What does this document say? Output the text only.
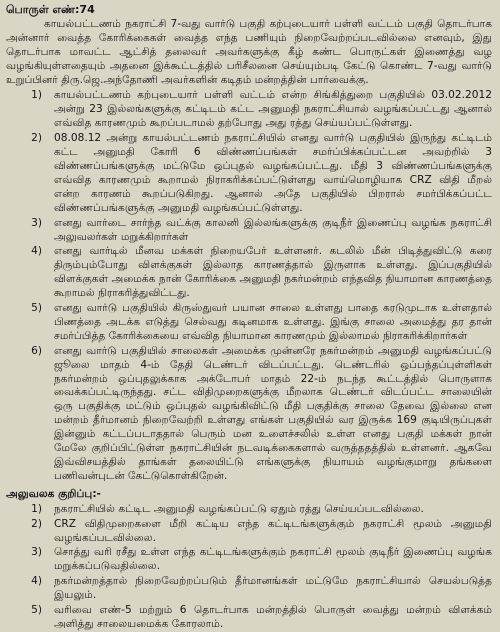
பொருள் எண்:74

காயல்பட்டணம் நகராட்சி 7-வது வார்டு பகுதி கற்புடையார் பள்ளி வட்டம் பகுதி தொடர்பாக அன்னார் வைத்த கோரிக்கைகள் வைத்த எந்த பணியும் நிறைவேற்றப்படவில்லை எனவும், இது தொடர்பாக மாவட்ட ஆட்சித் தலைவர் அவர்களுக்கு கீழ் கண்ட பொருட்கள் இணைத்து வழ வழங்கியுள்ளதையும் அதனை இக்கூட்டத்தில் பரிசீலனை செய்யும்படி கேட்டு கொண்ட 7-வது வார்டு உறுப்பினர் திரு.ஜெ.அந்தோணி அவர்களின் கடிதம் மன்றத்தின் பார்வைக்கு.

1)	காயல்பட்டணம் கற்புடையார் பள்ளி வட்டம் என்ற சிங்கித்துறை பகுதியில் 03.02.2012 அன்று 23 இல்லங்களுக்கு கட்டிடம் கட்ட அனுமதி நகராட்சியால் வழங்கப்பட்டது ஆனால் எவ்வித காரணமும் கூறப்படாமல் தற்போது அது ரத்து செய்யப்பட்டுள்ளது.
2)	08.08.12 அன்று காயல்பட்டணம் நகராட்சியில் எனது வார்டு பகுதியில் இருந்து கட்டிடம் கட்ட அனுமதி கோரி 6 விண்ணப்பங்கள் சமர்ப்பிக்கப்பட்டன அவற்றில் 3 விண்ணப்பங்களுக்கு மட்டுமே ஒப்புதல் வழங்கப்பட்டது. மீதி 3 விண்ணப்பங்களுக்கு எவ்வித காரணமும் கூறாமல் நிராகரிக்கப்பட்டுள்ளது வாய்மொழியாக CRZ விதி மீறல் என்ற காரணம் கூறப்படுகிறது. ஆனால் அதே பகுதியில் பிறரால் சமர்பிக்கப்பட்ட விண்ணப்பங்களுக்கு அனுமதி வழங்கப்பட்டுள்ளது.
3)	எனது வார்டை சார்ந்த வட்க்கு காலனி இல்லங்களுக்கு குடிநீர் இணைப்பு வழங்க நகராட்சி அலுவலர்கள் மறுக்கிறார்கள்
4)	எனது வார்டில் மீனவ மக்கள் நிறையபேர் உள்ளனர். கடலில் மீன் பிடித்துவிட்டு கரை திரும்பும்போது விளக்குகள் இல்லாத காரணத்தால் இருளாக உள்ளது. இப்பகுதியில் விளக்குகள் அமைக்க நான் கோரிக்கை அனுமதி நகர்மன்றம் எந்தவித நியாமான காரணத்தை கூறாமல் நிராகரித்துவிட்டது.
5)	எனது வார்டு பகுதியில் கிருஸ்துவர் பயான சாலை உள்ளது பாதை கரடுமுடாக உள்ளதால் பிணத்தை அடக்க எடுத்து செல்வது கடினமாக உள்ளது. இங்கு சாலை அமைத்து தர தான் சமர்ப்பித்த கோரிக்கையை எவ்வித நியாமான காரணமும் இல்லாமல் நிராகரிக்கிறார்கள்
6)	எனது வார்டு பகுதியில் சாலைகள் அமைக்க முன்னரே நகர்மன்றம் அனுமதி வழங்கப்பட்டு ஜூலை மாதம் 4-ம் தேதி டெண்டர் விடப்பட்டது. டெண்டரில் ஒப்பந்தப்புள்ளிகள் நகர்மன்றம் ஒப்புதலுக்காக அக்டோபர் மாதம் 22-ம் நடந்த கூட்டத்தில் பொருளாக வைக்கப்பட்டிருந்தது. சட்ட விதிமுறைகளுக்கு மீறலாக டெண்டர் விடப்பட்ட சாலையின் ஒரு பகுதிக்கு மட்டும் ஒப்புதல் வழங்கிவிட்டு மீதி பகுதிக்கு சாலை தேவை இல்லை என மன்றம் தீர்மானம் நிறைவேற்றி உள்ளது எங்கள் பகுதியில் வர இருக்க 169 குடியிருப்புகள் இன்னும் கட்டப்படாததால் பெரும் மன உளைச்சலில் உள்ள எனது பகுதி மக்கள் நான் மேலே குறிப்பிட்டுள்ள நகராட்சியின் நடவடிக்கைகளால் வருத்ததத்தில் உள்ளனர். ஆகவே இவ்விசயத்தில் தாங்கள் தலையிட்டு எங்களுக்கு நியாயம் வழங்குமாறு தங்களை பணிவன்புடன் கேட்டுகொள்கிறேன்.
அலுவலக குறிப்பு:-
1)	நகராட்சியில் கட்டிட அனுமதி வழங்கப்பட்டு ஏதும் ரத்து செய்யப்படவில்லை.
2)	CRZ விதிமுறைகளை மீறி கட்டிய எந்த கட்டிடங்களுக்கும் நகராட்சி மூலம் அனுமதி வழங்கப்படவில்லை.
3)	சொத்து வரி ரசீது உள்ள எந்த கட்டிடங்களுக்கும் நகராட்சி மூலம் குடிநீர் இணைப்பு வழங்க மறுக்கப்படுவதில்லை.
4)	நகர்மன்றத்தால் நிறைவேற்றப்படும் தீர்மானங்கள் மட்டுமே நகராட்சியால் செயல்படுத்த இயலும்.
5)	வரிவை எண்-5 மற்றும் 6 தொடர்பாக மன்றத்தில் பொருள் வைத்து மன்றம் விளக்கம் அளித்து சாலையமைக்க கோரலாம்.
